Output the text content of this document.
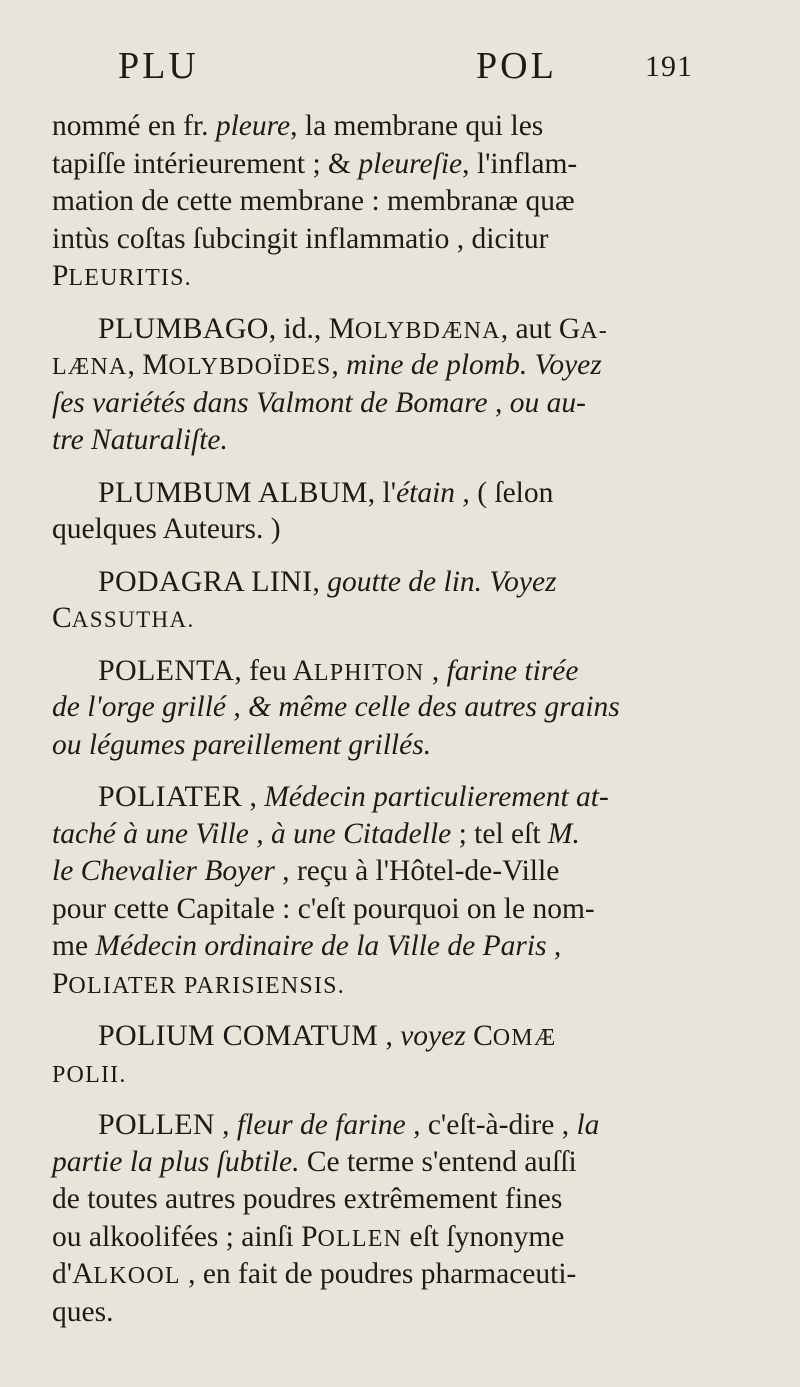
PLU	POL	191
nommé en fr. pleure, la membrane qui les
tapiſſe intérieurement ; & pleureſie, l'inflam-
mation de cette membrane : membranæ quæ
intùs coſtas ſubcingit inflammatio , dicitur
PLEURITIS.
PLUMBAGO, id., MOLYBDÆNA, aut GA-
LÆNA, MOLYBDOÏDES, mine de plomb. Voyez
ſes variétés dans Valmont de Bomare , ou au-
tre Naturaliſte.
PLUMBUM ALBUM, l'étain , ( ſelon
quelques Auteurs. )
PODAGRA LINI, goutte de lin. Voyez
CASSUTHA.
POLENTA, feu ALPHITON , farine tirée
de l'orge grillé , & même celle des autres grains
ou légumes pareillement grillés.
POLIATER , Médecin particulierement at-
taché à une Ville , à une Citadelle ; tel eſt M.
le Chevalier Boyer , reçu à l'Hôtel-de-Ville
pour cette Capitale : c'eſt pourquoi on le nom-
me Médecin ordinaire de la Ville de Paris ,
POLIATER PARISIENSIS.
POLIUM COMATUM , voyez COMÆ
POLII.
POLLEN , fleur de farine , c'eſt-à-dire , la
partie la plus ſubtile. Ce terme s'entend auſſi
de toutes autres poudres extrêmement fines
ou alkoolifées ; ainſi POLLEN eſt ſynonyme
d'ALKOOL , en fait de poudres pharmaceuti-
ques.
